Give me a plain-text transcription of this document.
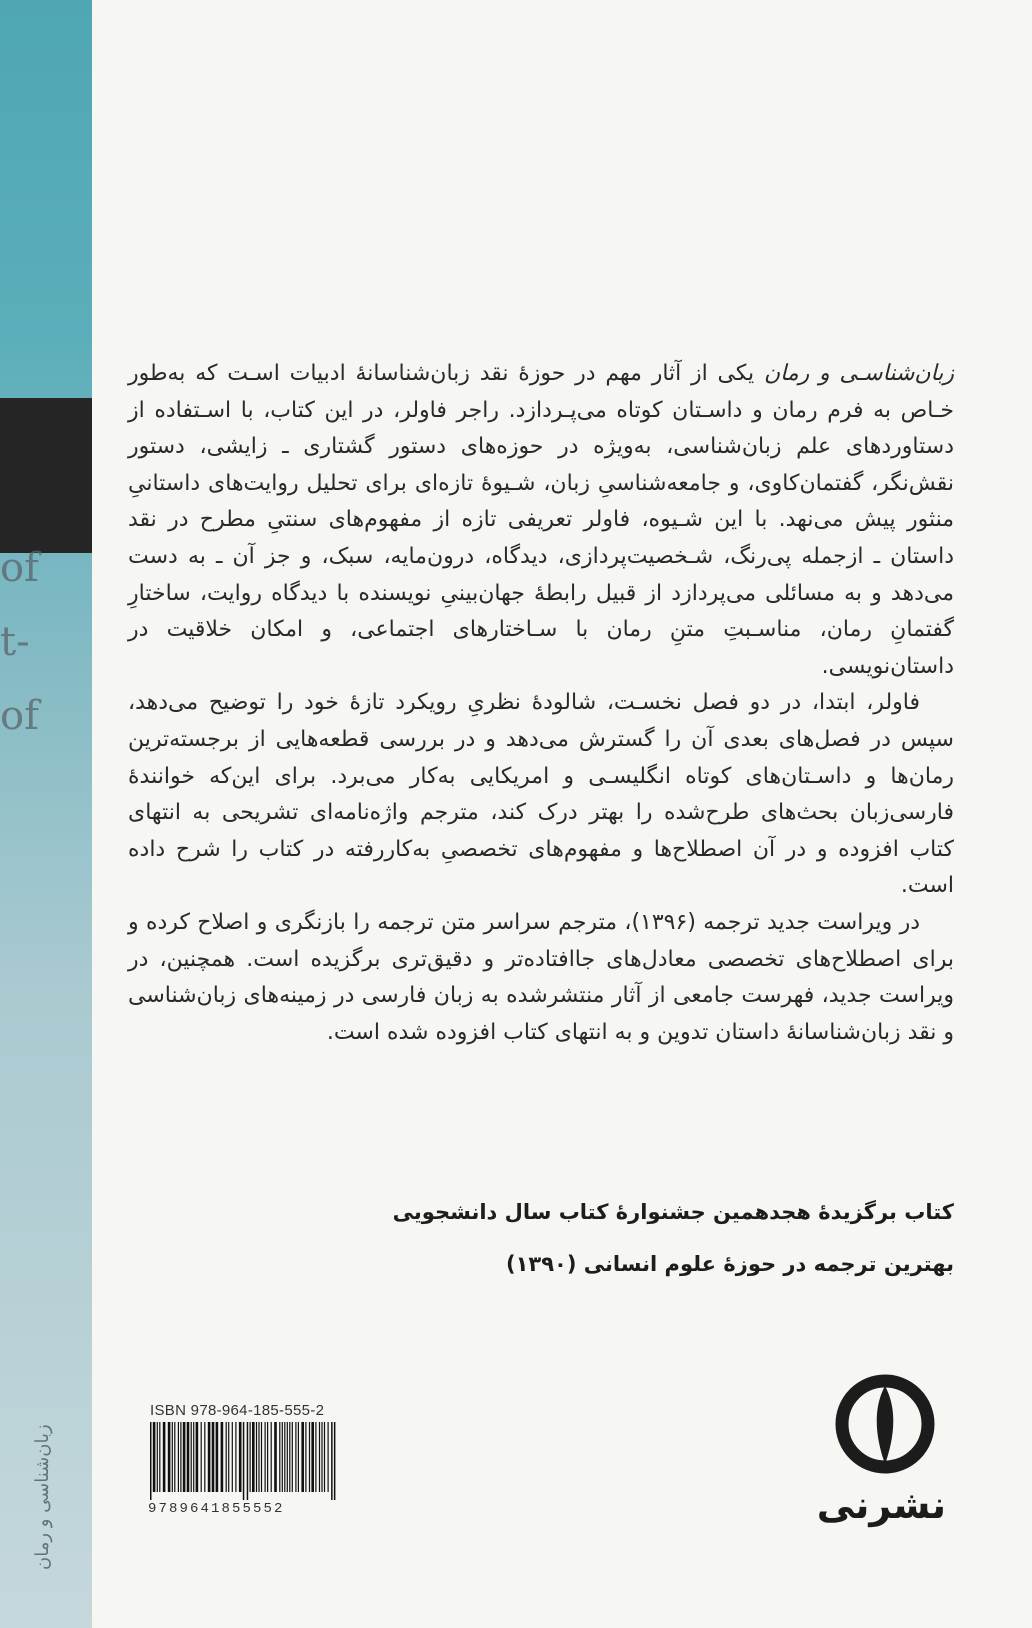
of
t-
of
زبان‌شناسی و رمان

زبان‌شناسـی و رمان یکی از آثار مهم در حوزهٔ نقد زبان‌شناسانهٔ ادبیات اسـت که به‌طور خـاص به فرم رمان و داسـتان کوتاه می‌پـردازد. راجر فاولر، در این کتاب، با اسـتفاده از دستاوردهای علم زبان‌شناسی، به‌ویژه در حوزه‌های دستور گشتاری ـ زایشی، دستور نقش‌نگر، گفتمان‌کاوی، و جامعه‌شناسیِ زبان، شـیوهٔ تازه‌ای برای تحلیل روایت‌های داستانیِ منثور پیش می‌نهد. با این شـیوه، فاولر تعریفی تازه از مفهوم‌های سنتیِ مطرح در نقد داستان ـ ازجمله پی‌رنگ، شـخصیت‌پردازی، دیدگاه، درون‌مایه، سبک، و جز آن ـ به دست می‌دهد و به مسائلی می‌پردازد از قبیل رابطهٔ جهان‌بینیِ نویسنده با دیدگاه روایت، ساختارِ گفتمانِ رمان، مناسـبتِ متنِ رمان با سـاختارهای اجتماعی، و امکان خلاقیت در داستان‌نویسی.

فاولر، ابتدا، در دو فصل نخسـت، شالودهٔ نظریِ رویکرد تازهٔ خود را توضیح می‌دهد، سپس در فصل‌های بعدی آن را گسترش می‌دهد و در بررسی قطعه‌هایی از برجسته‌ترین رمان‌ها و داسـتان‌های کوتاه انگلیسـی و امریکایی به‌کار می‌برد. برای این‌که خوانندهٔ فارسی‌زبان بحث‌های طرح‌شده را بهتر درک کند، مترجم واژه‌نامه‌ای تشریحی به انتهای کتاب افزوده و در آن اصطلاح‌ها و مفهوم‌های تخصصیِ به‌کاررفته در کتاب را شرح داده است.

در ویراست جدید ترجمه (۱۳۹۶)، مترجم سراسر متن ترجمه را بازنگری و اصلاح کرده و برای اصطلاح‌های تخصصی معادل‌های جاافتاده‌تر و دقیق‌تری برگزیده است. همچنین، در ویراست جدید، فهرست جامعی از آثار منتشرشده به زبان فارسی در زمینه‌های زبان‌شناسی و نقد زبان‌شناسانهٔ داستان تدوین و به انتهای کتاب افزوده شده است.

کتاب برگزیدهٔ هجدهمین جشنوارهٔ کتاب سال دانشجویی
بهترین ترجمه در حوزهٔ علوم انسانی (۱۳۹۰)
ISBN 978-964-185-555-2
9789641855552	نشرنی
